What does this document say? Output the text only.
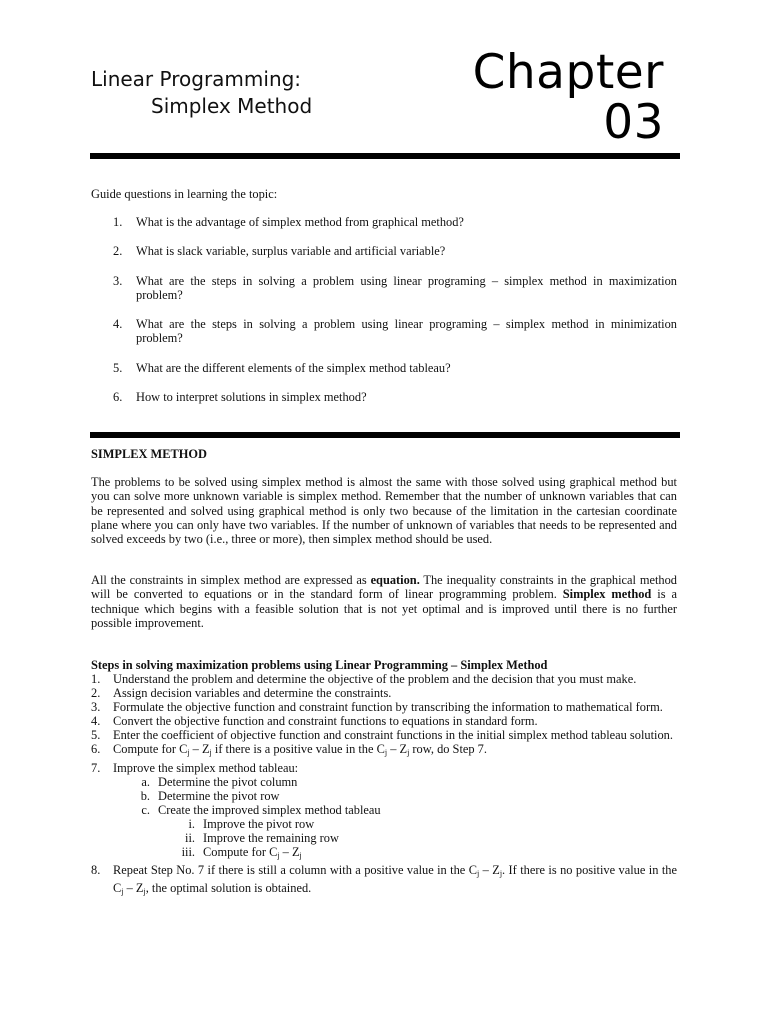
Linear Programming:
Simplex Method
Chapter
03
Guide questions in learning the topic:
1.	What is the advantage of simplex method from graphical method?
2.	What is slack variable, surplus variable and artificial variable?
3.	What are the steps in solving a problem using linear programing – simplex method in maximization problem?
4.	What are the steps in solving a problem using linear programing – simplex method in minimization problem?
5.	What are the different elements of the simplex method tableau?
6.	How to interpret solutions in simplex method?
SIMPLEX METHOD
The problems to be solved using simplex method is almost the same with those solved using graphical method but you can solve more unknown variable is simplex method. Remember that the number of unknown variables that can be represented and solved using graphical method is only two because of the limitation in the cartesian coordinate plane where you can only have two variables. If the number of unknown of variables that needs to be represented and solved exceeds by two (i.e., three or more), then simplex method should be used.
All the constraints in simplex method are expressed as equation. The inequality constraints in the graphical method will be converted to equations or in the standard form of linear programming problem. Simplex method is a technique which begins with a feasible solution that is not yet optimal and is improved until there is no further possible improvement.
Steps in solving maximization problems using Linear Programming – Simplex Method
1.	Understand the problem and determine the objective of the problem and the decision that you must make.
2.	Assign decision variables and determine the constraints.
3.	Formulate the objective function and constraint function by transcribing the information to mathematical form.
4.	Convert the objective function and constraint functions to equations in standard form.
5.	Enter the coefficient of objective function and constraint functions in the initial simplex method tableau solution.
6.	Compute for $C_j - Z_j$ if there is a positive value in the $C_j - Z_j$ row, do Step 7.
7.	Improve the simplex method tableau:
a. Determine the pivot column
b. Determine the pivot row
c. Create the improved simplex method tableau
i. Improve the pivot row
ii. Improve the remaining row
iii. Compute for $C_j - Z_j$
8.	Repeat Step No. 7 if there is still a column with a positive value in the $C_j - Z_j$. If there is no positive value in the $C_j - Z_j$, the optimal solution is obtained.
